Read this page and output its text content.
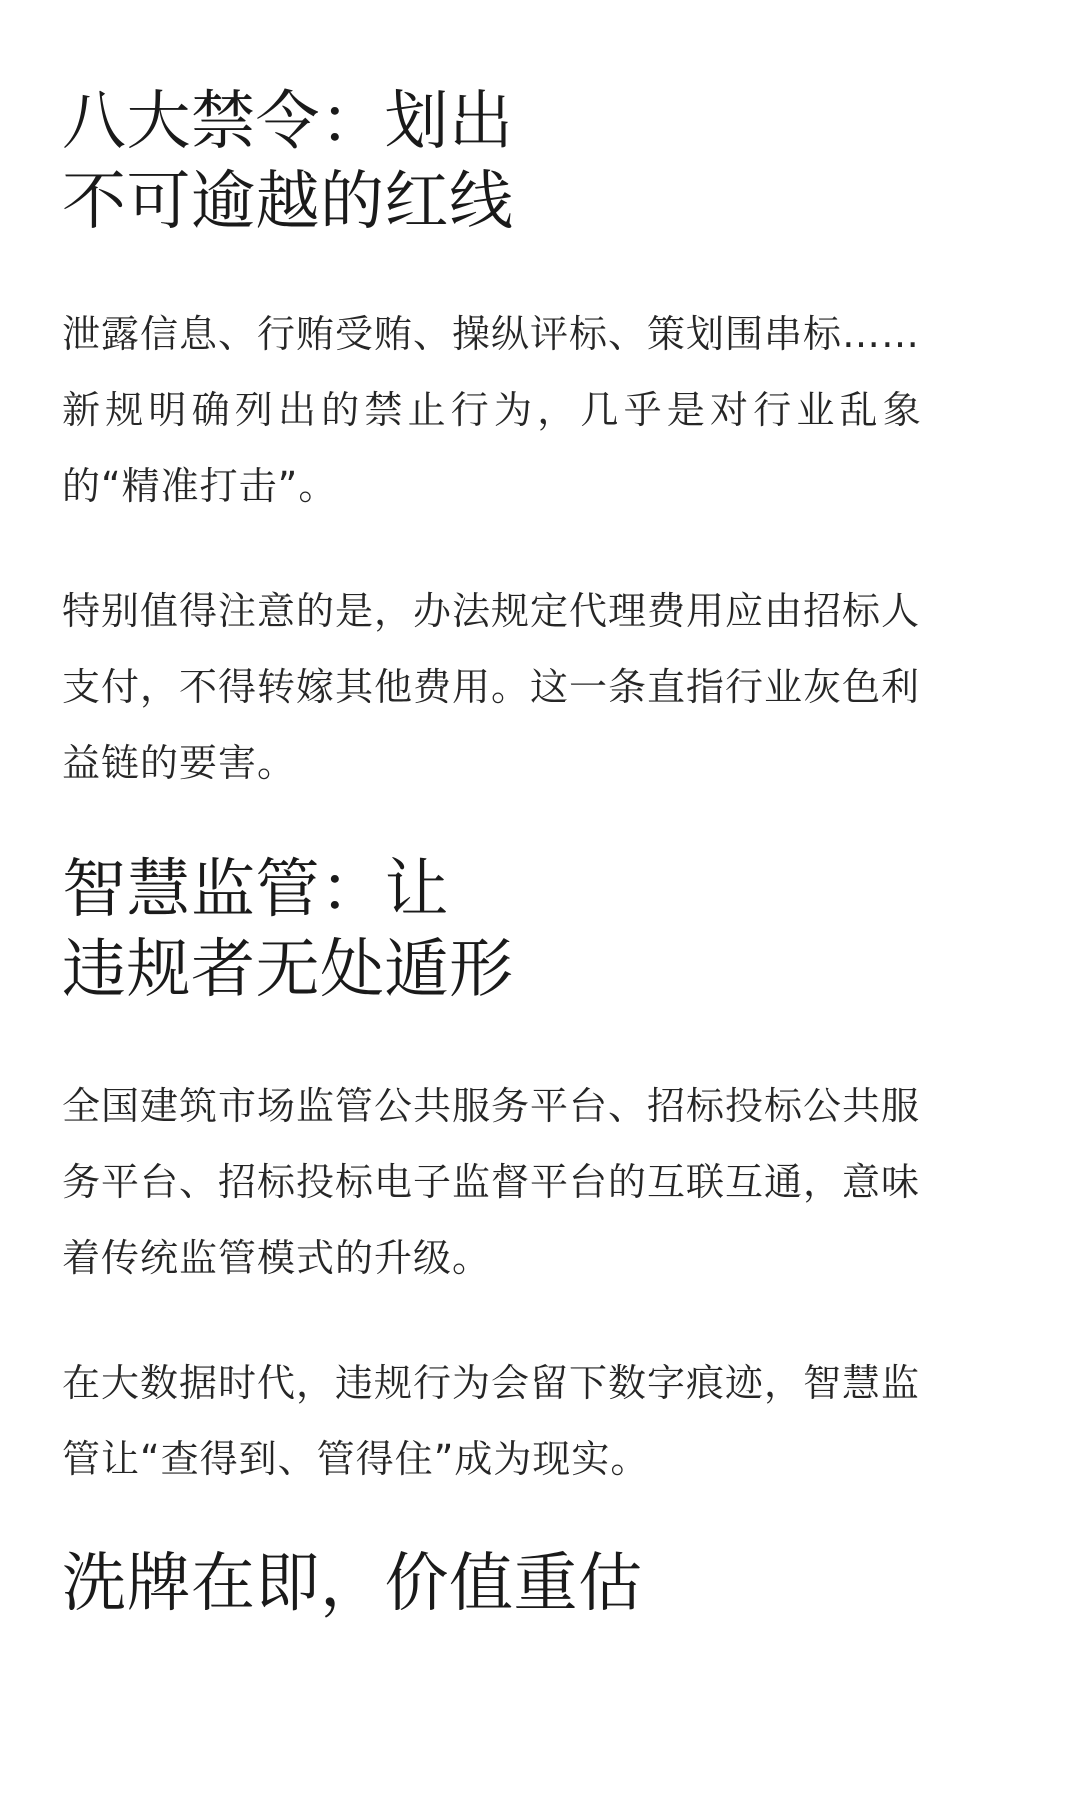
八大禁令：划出
不可逾越的红线

泄露信息、行贿受贿、操纵评标、策划围串标……
新规明确列出的禁止行为，几乎是对行业乱象
的“精准打击”。

特别值得注意的是，办法规定代理费用应由招标人
支付，不得转嫁其他费用。这一条直指行业灰色利
益链的要害。

智慧监管：让
违规者无处遁形

全国建筑市场监管公共服务平台、招标投标公共服
务平台、招标投标电子监督平台的互联互通，意味
着传统监管模式的升级。

在大数据时代，违规行为会留下数字痕迹，智慧监
管让“查得到、管得住”成为现实。

洗牌在即，价值重估
